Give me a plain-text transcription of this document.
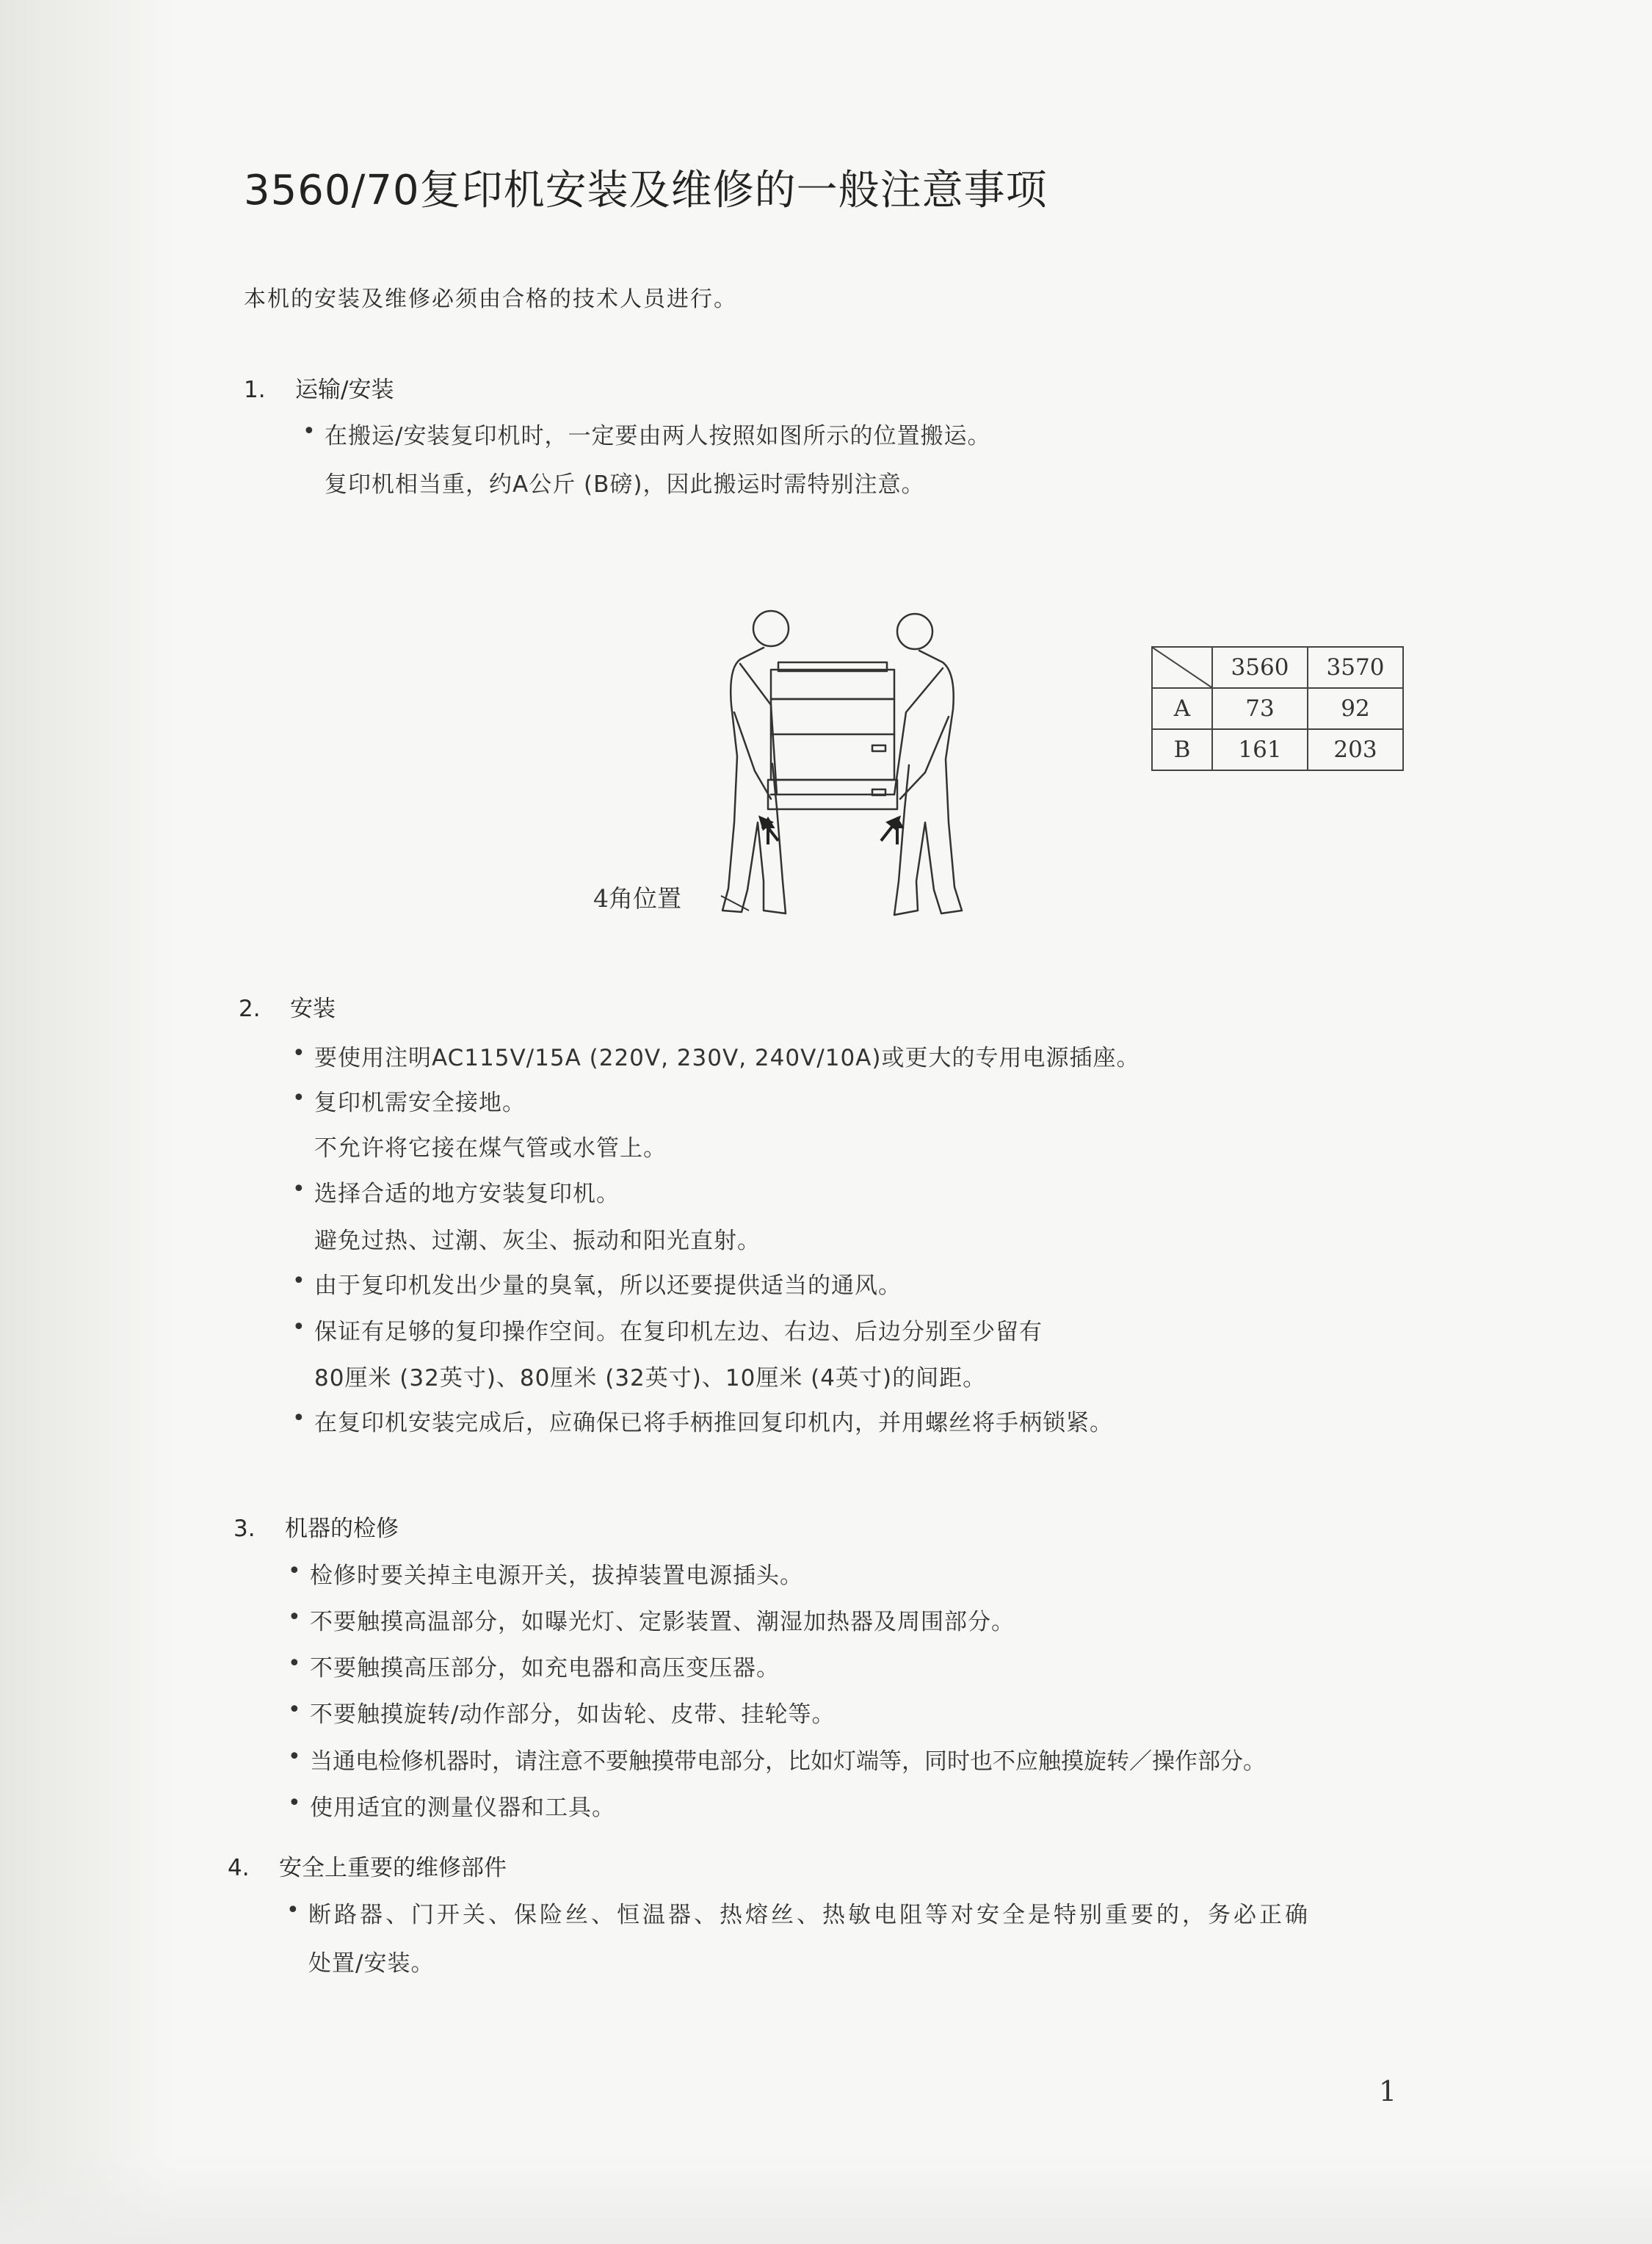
3560/70复印机安装及维修的一般注意事项
本机的安装及维修必须由合格的技术人员进行。
1. 运输/安装
• 在搬运/安装复印机时，一定要由两人按照如图所示的位置搬运。
复印机相当重，约A公斤 (B磅)，因此搬运时需特别注意。
4角位置
	3560	3570
A	73	92
B	161	203
2. 安装
• 要使用注明AC115V/15A (220V, 230V, 240V/10A)或更大的专用电源插座。
• 复印机需安全接地。
不允许将它接在煤气管或水管上。
• 选择合适的地方安装复印机。
避免过热、过潮、灰尘、振动和阳光直射。
• 由于复印机发出少量的臭氧，所以还要提供适当的通风。
• 保证有足够的复印操作空间。在复印机左边、右边、后边分别至少留有
80厘米 (32英寸)、80厘米 (32英寸)、10厘米 (4英寸)的间距。
• 在复印机安装完成后，应确保已将手柄推回复印机内，并用螺丝将手柄锁紧。
3. 机器的检修
• 检修时要关掉主电源开关，拔掉装置电源插头。
• 不要触摸高温部分，如曝光灯、定影装置、潮湿加热器及周围部分。
• 不要触摸高压部分，如充电器和高压变压器。
• 不要触摸旋转/动作部分，如齿轮、皮带、挂轮等。
• 当通电检修机器时，请注意不要触摸带电部分，比如灯端等，同时也不应触摸旋转／操作部分。
• 使用适宜的测量仪器和工具。
4. 安全上重要的维修部件
• 断路器、门开关、保险丝、恒温器、热熔丝、热敏电阻等对安全是特别重要的，务必正确
处置/安装。
1
